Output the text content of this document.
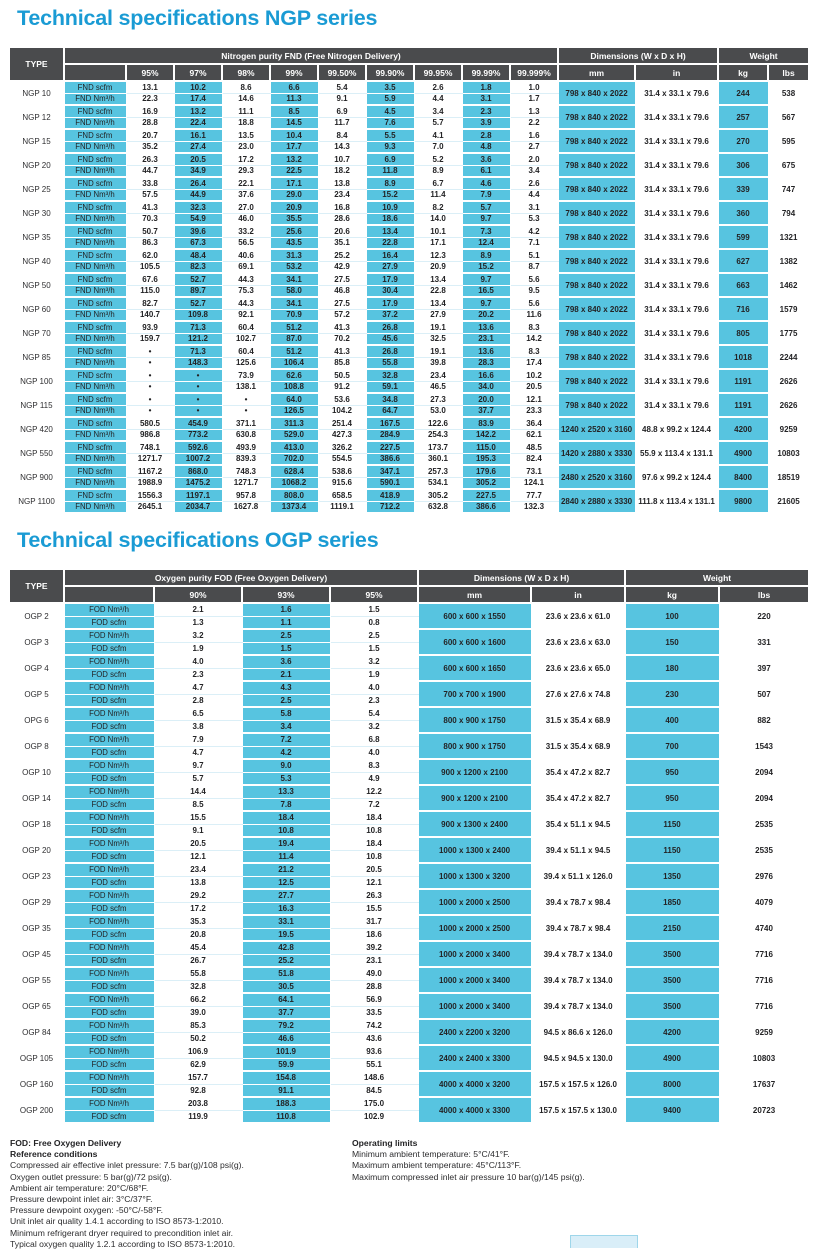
Technical specifications NGP series
TYPE	Nitrogen purity FND (Free Nitrogen Delivery)										Dimensions (W x D x H)		Weight	
		95%	97%	98%	99%	99.50%	99.90%	99.95%	99.99%	99.999%	mm	in	kg	lbs
NGP 10	FND scfm	13.1	10.2	8.6	6.6	5.4	3.5	2.6	1.8	1.0	798 x 840 x 2022	31.4 x 33.1 x 79.6	244	538
	FND Nm³/h	22.3	17.4	14.6	11.3	9.1	5.9	4.4	3.1	1.7				
NGP 12	FND scfm	16.9	13.2	11.1	8.5	6.9	4.5	3.4	2.3	1.3	798 x 840 x 2022	31.4 x 33.1 x 79.6	257	567
	FND Nm³/h	28.8	22.4	18.8	14.5	11.7	7.6	5.7	3.9	2.2				
NGP 15	FND scfm	20.7	16.1	13.5	10.4	8.4	5.5	4.1	2.8	1.6	798 x 840 x 2022	31.4 x 33.1 x 79.6	270	595
	FND Nm³/h	35.2	27.4	23.0	17.7	14.3	9.3	7.0	4.8	2.7				
NGP 20	FND scfm	26.3	20.5	17.2	13.2	10.7	6.9	5.2	3.6	2.0	798 x 840 x 2022	31.4 x 33.1 x 79.6	306	675
	FND Nm³/h	44.7	34.9	29.3	22.5	18.2	11.8	8.9	6.1	3.4				
NGP 25	FND scfm	33.8	26.4	22.1	17.1	13.8	8.9	6.7	4.6	2.6	798 x 840 x 2022	31.4 x 33.1 x 79.6	339	747
	FND Nm³/h	57.5	44.9	37.6	29.0	23.4	15.2	11.4	7.9	4.4				
NGP 30	FND scfm	41.3	32.3	27.0	20.9	16.8	10.9	8.2	5.7	3.1	798 x 840 x 2022	31.4 x 33.1 x 79.6	360	794
	FND Nm³/h	70.3	54.9	46.0	35.5	28.6	18.6	14.0	9.7	5.3				
NGP 35	FND scfm	50.7	39.6	33.2	25.6	20.6	13.4	10.1	7.3	4.2	798 x 840 x 2022	31.4 x 33.1 x 79.6	599	1321
	FND Nm³/h	86.3	67.3	56.5	43.5	35.1	22.8	17.1	12.4	7.1				
NGP 40	FND scfm	62.0	48.4	40.6	31.3	25.2	16.4	12.3	8.9	5.1	798 x 840 x 2022	31.4 x 33.1 x 79.6	627	1382
	FND Nm³/h	105.5	82.3	69.1	53.2	42.9	27.9	20.9	15.2	8.7				
NGP 50	FND scfm	67.6	52.7	44.3	34.1	27.5	17.9	13.4	9.7	5.6	798 x 840 x 2022	31.4 x 33.1 x 79.6	663	1462
	FND Nm³/h	115.0	89.7	75.3	58.0	46.8	30.4	22.8	16.5	9.5				
NGP 60	FND scfm	82.7	52.7	44.3	34.1	27.5	17.9	13.4	9.7	5.6	798 x 840 x 2022	31.4 x 33.1 x 79.6	716	1579
	FND Nm³/h	140.7	109.8	92.1	70.9	57.2	37.2	27.9	20.2	11.6				
NGP 70	FND scfm	93.9	71.3	60.4	51.2	41.3	26.8	19.1	13.6	8.3	798 x 840 x 2022	31.4 x 33.1 x 79.6	805	1775
	FND Nm³/h	159.7	121.2	102.7	87.0	70.2	45.6	32.5	23.1	14.2				
NGP 85	FND scfm	•	71.3	60.4	51.2	41.3	26.8	19.1	13.6	8.3	798 x 840 x 2022	31.4 x 33.1 x 79.6	1018	2244
	FND Nm³/h	•	148.3	125.6	106.4	85.8	55.8	39.8	28.3	17.4				
NGP 100	FND scfm	•	•	73.9	62.6	50.5	32.8	23.4	16.6	10.2	798 x 840 x 2022	31.4 x 33.1 x 79.6	1191	2626
	FND Nm³/h	•	•	138.1	108.8	91.2	59.1	46.5	34.0	20.5				
NGP 115	FND scfm	•	•	•	64.0	53.6	34.8	27.3	20.0	12.1	798 x 840 x 2022	31.4 x 33.1 x 79.6	1191	2626
	FND Nm³/h	•	•	•	126.5	104.2	64.7	53.0	37.7	23.3				
NGP 420	FND scfm	580.5	454.9	371.1	311.3	251.4	167.5	122.6	83.9	36.4	1240 x 2520 x 3160	48.8 x 99.2 x 124.4	4200	9259
	FND Nm³/h	986.8	773.2	630.8	529.0	427.3	284.9	254.3	142.2	62.1				
NGP 550	FND scfm	748.1	592.6	493.9	413.0	326.2	227.5	173.7	115.0	48.5	1420 x 2880 x 3330	55.9 x 113.4 x 131.1	4900	10803
	FND Nm³/h	1271.7	1007.2	839.3	702.0	554.5	386.6	360.1	195.3	82.4				
NGP 900	FND scfm	1167.2	868.0	748.3	628.4	538.6	347.1	257.3	179.6	73.1	2480 x 2520 x 3160	97.6 x 99.2 x 124.4	8400	18519
	FND Nm³/h	1988.9	1475.2	1271.7	1068.2	915.6	590.1	534.1	305.2	124.1				
NGP 1100	FND scfm	1556.3	1197.1	957.8	808.0	658.5	418.9	305.2	227.5	77.7	2840 x 2880 x 3330	111.8 x 113.4 x 131.1	9800	21605
	FND Nm³/h	2645.1	2034.7	1627.8	1373.4	1119.1	712.2	632.8	386.6	132.3				
Technical specifications OGP series
TYPE	Oxygen purity FOD (Free Oxygen Delivery)				Dimensions (W x D x H)		Weight	
		90%	93%	95%	mm	in	kg	lbs
OGP 2	FOD Nm³/h	2.1	1.6	1.5	600 x 600 x 1550	23.6 x 23.6 x 61.0	100	220
	FOD scfm	1.3	1.1	0.8				
OGP 3	FOD Nm³/h	3.2	2.5	2.5	600 x 600 x 1600	23.6 x 23.6 x 63.0	150	331
	FOD scfm	1.9	1.5	1.5				
OGP 4	FOD Nm³/h	4.0	3.6	3.2	600 x 600 x 1650	23.6 x 23.6 x 65.0	180	397
	FOD scfm	2.3	2.1	1.9				
OGP 5	FOD Nm³/h	4.7	4.3	4.0	700 x 700 x 1900	27.6 x 27.6 x 74.8	230	507
	FOD scfm	2.8	2.5	2.3				
OPG 6	FOD Nm³/h	6.5	5.8	5.4	800 x 900 x 1750	31.5 x 35.4 x 68.9	400	882
	FOD scfm	3.8	3.4	3.2				
OGP 8	FOD Nm³/h	7.9	7.2	6.8	800 x 900 x 1750	31.5 x 35.4 x 68.9	700	1543
	FOD scfm	4.7	4.2	4.0				
OGP 10	FOD Nm³/h	9.7	9.0	8.3	900 x 1200 x 2100	35.4 x 47.2 x 82.7	950	2094
	FOD scfm	5.7	5.3	4.9				
OGP 14	FOD Nm³/h	14.4	13.3	12.2	900 x 1200 x 2100	35.4 x 47.2 x 82.7	950	2094
	FOD scfm	8.5	7.8	7.2				
OGP 18	FOD Nm³/h	15.5	18.4	18.4	900 x 1300 x 2400	35.4 x 51.1 x 94.5	1150	2535
	FOD scfm	9.1	10.8	10.8				
OGP 20	FOD Nm³/h	20.5	19.4	18.4	1000 x 1300 x 2400	39.4 x 51.1 x 94.5	1150	2535
	FOD scfm	12.1	11.4	10.8				
OGP 23	FOD Nm³/h	23.4	21.2	20.5	1000 x 1300 x 3200	39.4 x 51.1 x 126.0	1350	2976
	FOD scfm	13.8	12.5	12.1				
OGP 29	FOD Nm³/h	29.2	27.7	26.3	1000 x 2000 x 2500	39.4 x 78.7 x 98.4	1850	4079
	FOD scfm	17.2	16.3	15.5				
OGP 35	FOD Nm³/h	35.3	33.1	31.7	1000 x 2000 x 2500	39.4 x 78.7 x 98.4	2150	4740
	FOD scfm	20.8	19.5	18.6				
OGP 45	FOD Nm³/h	45.4	42.8	39.2	1000 x 2000 x 3400	39.4 x 78.7 x 134.0	3500	7716
	FOD scfm	26.7	25.2	23.1				
OGP 55	FOD Nm³/h	55.8	51.8	49.0	1000 x 2000 x 3400	39.4 x 78.7 x 134.0	3500	7716
	FOD scfm	32.8	30.5	28.8				
OGP 65	FOD Nm³/h	66.2	64.1	56.9	1000 x 2000 x 3400	39.4 x 78.7 x 134.0	3500	7716
	FOD scfm	39.0	37.7	33.5				
OGP 84	FOD Nm³/h	85.3	79.2	74.2	2400 x 2200 x 3200	94.5 x 86.6 x 126.0	4200	9259
	FOD scfm	50.2	46.6	43.6				
OGP 105	FOD Nm³/h	106.9	101.9	93.6	2400 x 2400 x 3300	94.5 x 94.5 x 130.0	4900	10803
	FOD scfm	62.9	59.9	55.1				
OGP 160	FOD Nm³/h	157.7	154.8	148.6	4000 x 4000 x 3200	157.5 x 157.5 x 126.0	8000	17637
	FOD scfm	92.8	91.1	84.5				
OGP 200	FOD Nm³/h	203.8	188.3	175.0	4000 x 4000 x 3300	157.5 x 157.5 x 130.0	9400	20723
	FOD scfm	119.9	110.8	102.9				
FOD: Free Oxygen Delivery
Reference conditions
Compressed air effective inlet pressure: 7.5 bar(g)/108 psi(g).
Oxygen outlet pressure: 5 bar(g)/72 psi(g).
Ambient air temperature: 20°C/68°F.
Pressure dewpoint inlet air: 3°C/37°F.
Pressure dewpoint oxygen: -50°C/-58°F.
Unit inlet air quality 1.4.1 according to ISO 8573-1:2010.
Minimum refrigerant dryer required to precondition inlet air.
Typical oxygen quality 1.2.1 according to ISO 8573-1:2010.
Operating limits
Minimum ambient temperature: 5°C/41°F.
Maximum ambient temperature: 45°C/113°F.
Maximum compressed inlet air pressure 10 bar(g)/145 psi(g).
